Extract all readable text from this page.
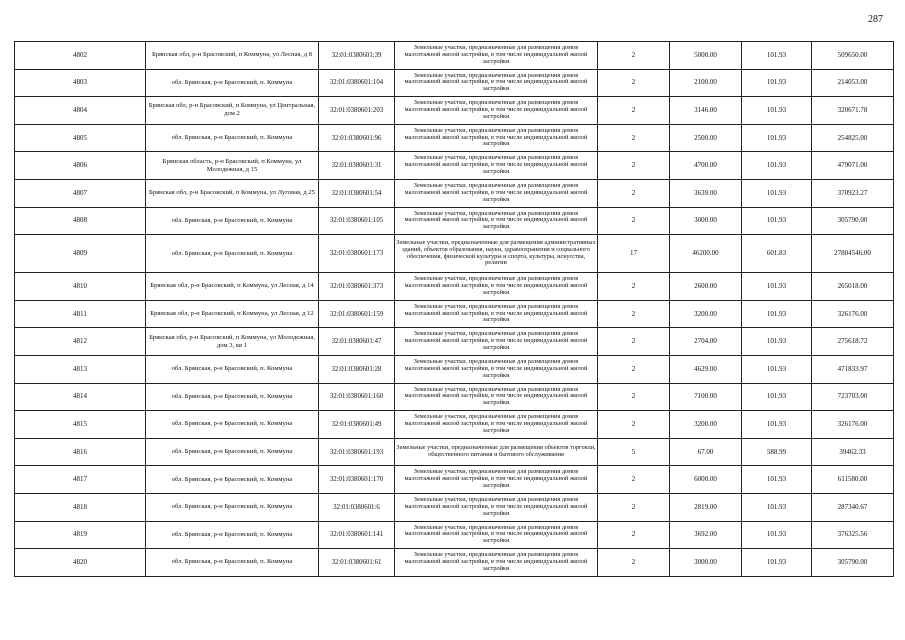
287
4802	Брянская обл, р-н Брасовский, п Коммуна, ул Лесная, д 8	32:01:0380601:39	Земельные участки, предназначенные для размещения домов малоэтажной жилой застройки, в том числе индивидуальной жилой застройки	2	5000.00	101.93	509650.00
4803	обл. Брянская, р-н Брасовский, п. Коммуна	32:01:0380601:104	Земельные участки, предназначенные для размещения домов малоэтажной жилой застройки, в том числе индивидуальной жилой застройки	2	2100.00	101.93	214053.00
4804	Брянская обл, р-н Брасовский, п Коммуна, ул Центральная, дом 2	32:01:0380601:203	Земельные участки, предназначенные для размещения домов малоэтажной жилой застройки, в том числе индивидуальной жилой застройки	2	3146.00	101.93	320671.78
4805	обл. Брянская, р-н Брасовский, п. Коммуна	32:01:0380601:96	Земельные участки, предназначенные для размещения домов малоэтажной жилой застройки, в том числе индивидуальной жилой застройки	2	2500.00	101.93	254825.00
4806	Брянская область, р-н Брасовский, п Коммуна, ул Молодежная, д 15	32:01:0380601:31	Земельные участки, предназначенные для размещения домов малоэтажной жилой застройки, в том числе индивидуальной жилой застройки	2	4700.00	101.93	479071.00
4807	Брянская обл, р-н Брасовский, п Коммуна, ул Луговая, д 25	32:01:0380601:54	Земельные участки, предназначенные для размещения домов малоэтажной жилой застройки, в том числе индивидуальной жилой застройки	2	3639.00	101.93	370923.27
4808	обл. Брянская, р-н Брасовский, п. Коммуна	32:01:0380601:105	Земельные участки, предназначенные для размещения домов малоэтажной жилой застройки, в том числе индивидуальной жилой застройки	2	3000.00	101.93	305790.00
4809	обл. Брянская, р-н Брасовский, п. Коммуна	32:01:0380601:173	Земельные участки, предназначенные для размещения административных зданий, объектов образования, науки, здравоохранения и социального обеспечения, физической культуры и спорта, культуры, искусства, религии	17	46200.00	601.83	27804546.00
4810	Брянская обл, р-н Брасовский, п Коммуна, ул Лесная, д 14	32:01:0380601:373	Земельные участки, предназначенные для размещения домов малоэтажной жилой застройки, в том числе индивидуальной жилой застройки	2	2600.00	101.93	265018.00
4811	Брянская обл, р-н Брасовский, п Коммуна, ул Лесная, д 12	32:01:0380601:159	Земельные участки, предназначенные для размещения домов малоэтажной жилой застройки, в том числе индивидуальной жилой застройки	2	3200.00	101.93	326176.00
4812	Брянская обл, р-н Брасовский, п Коммуна, ул Молодежная, дом 3, кв 1	32:01:0380601:47	Земельные участки, предназначенные для размещения домов малоэтажной жилой застройки, в том числе индивидуальной жилой застройки	2	2704.00	101.93	275618.72
4813	обл. Брянская, р-н Брасовский, п. Коммуна	32:01:0380601:28	Земельные участки, предназначенные для размещения домов малоэтажной жилой застройки, в том числе индивидуальной жилой застройки	2	4629.00	101.93	471833.97
4814	обл. Брянская, р-н Брасовский, п. Коммуна	32:01:0380601:160	Земельные участки, предназначенные для размещения домов малоэтажной жилой застройки, в том числе индивидуальной жилой застройки	2	7100.00	101.93	723703.00
4815	обл. Брянская, р-н Брасовский, п. Коммуна	32:01:0380601:49	Земельные участки, предназначенные для размещения домов малоэтажной жилой застройки, в том числе индивидуальной жилой застройки	2	3200.00	101.93	326176.00
4816	обл. Брянская, р-н Брасовский, п. Коммуна	32:01:0380601:193	Земельные участки, предназначенные для размещения объектов торговли, общественного питания и бытового обслуживания	5	67.00	588.99	39462.33
4817	обл. Брянская, р-н Брасовский, п. Коммуна	32:01:0380601:170	Земельные участки, предназначенные для размещения домов малоэтажной жилой застройки, в том числе индивидуальной жилой застройки	2	6000.00	101.93	611580.00
4818	обл. Брянская, р-н Брасовский, п. Коммуна	32:01:0380601:6	Земельные участки, предназначенные для размещения домов малоэтажной жилой застройки, в том числе индивидуальной жилой застройки	2	2819.00	101.93	287340.67
4819	обл. Брянская, р-н Брасовский, п. Коммуна	32:01:0380601:141	Земельные участки, предназначенные для размещения домов малоэтажной жилой застройки, в том числе индивидуальной жилой застройки	2	3692.00	101.93	376325.56
4820	обл. Брянская, р-н Брасовский, п. Коммуна	32:01:0380601:61	Земельные участки, предназначенные для размещения домов малоэтажной жилой застройки, в том числе индивидуальной жилой застройки	2	3000.00	101.93	305790.00
